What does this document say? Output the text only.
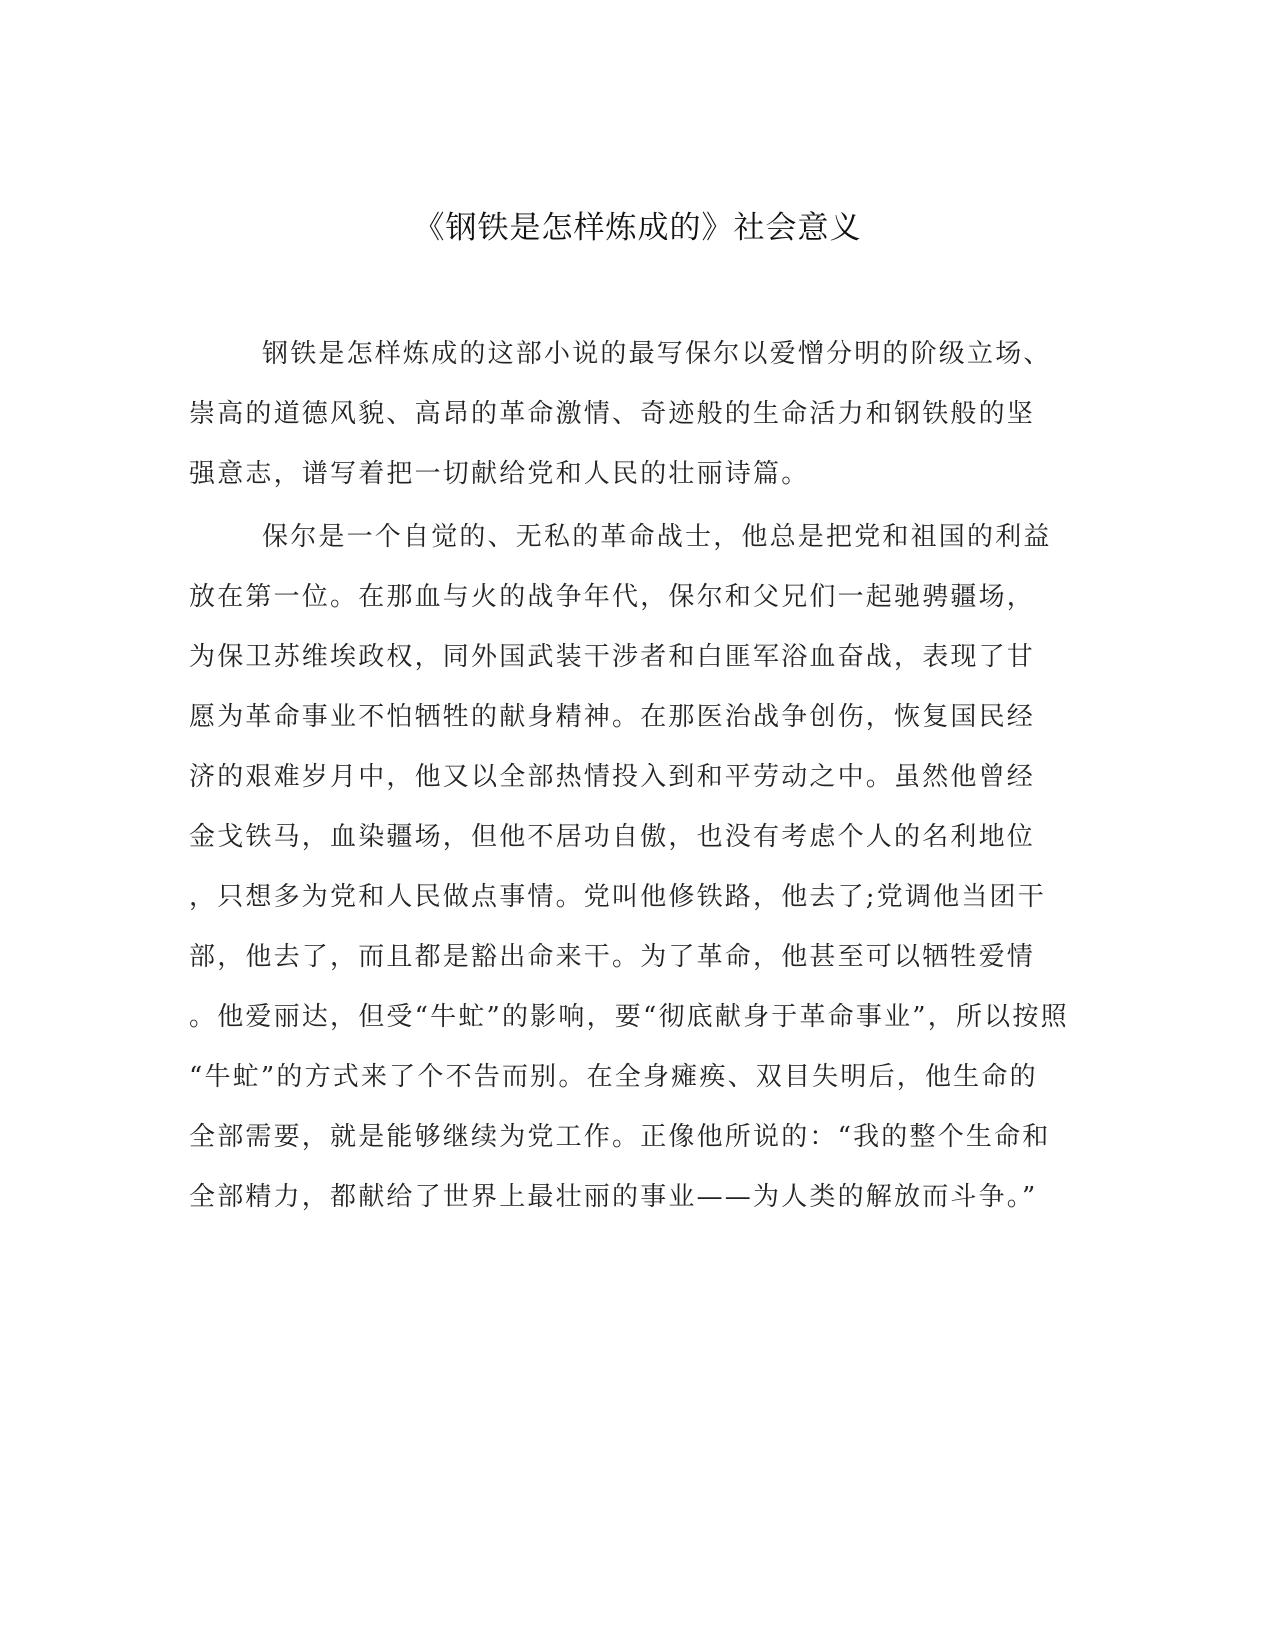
《钢铁是怎样炼成的》社会意义
钢铁是怎样炼成的这部小说的最写保尔以爱憎分明的阶级立场、
崇高的道德风貌、高昂的革命激情、奇迹般的生命活力和钢铁般的坚
强意志，谱写着把一切献给党和人民的壮丽诗篇。
保尔是一个自觉的、无私的革命战士，他总是把党和祖国的利益
放在第一位。在那血与火的战争年代，保尔和父兄们一起驰骋疆场，
为保卫苏维埃政权，同外国武装干涉者和白匪军浴血奋战，表现了甘
愿为革命事业不怕牺牲的献身精神。在那医治战争创伤，恢复国民经
济的艰难岁月中，他又以全部热情投入到和平劳动之中。虽然他曾经
金戈铁马，血染疆场，但他不居功自傲，也没有考虑个人的名利地位
，只想多为党和人民做点事情。党叫他修铁路，他去了;党调他当团干
部，他去了，而且都是豁出命来干。为了革命，他甚至可以牺牲爱情
。他爱丽达，但受“牛虻”的影响，要“彻底献身于革命事业”，所以按照
“牛虻”的方式来了个不告而别。在全身瘫痪、双目失明后，他生命的
全部需要，就是能够继续为党工作。正像他所说的：“我的整个生命和
全部精力，都献给了世界上最壮丽的事业——为人类的解放而斗争。”
